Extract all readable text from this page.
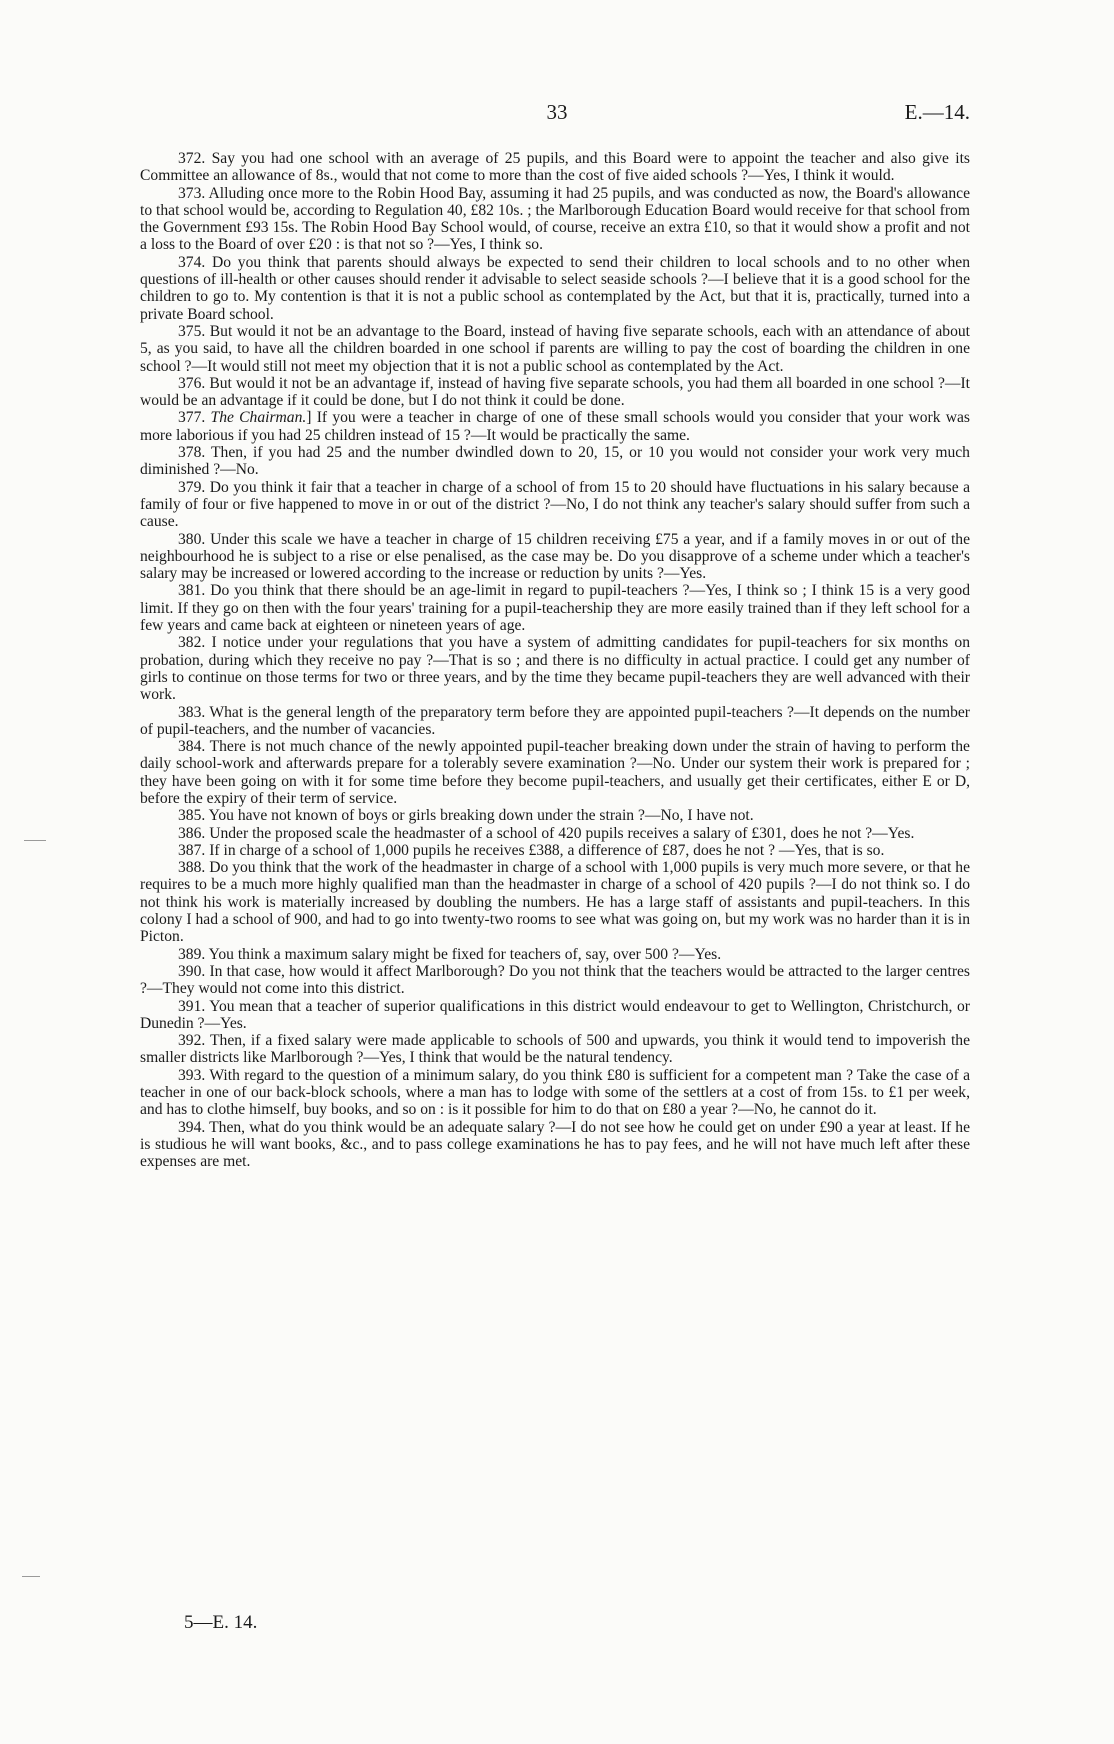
33	E.—14.

372. Say you had one school with an average of 25 pupils, and this Board were to appoint the teacher and also give its Committee an allowance of 8s., would that not come to more than the cost of five aided schools ?—Yes, I think it would.

373. Alluding once more to the Robin Hood Bay, assuming it had 25 pupils, and was conducted as now, the Board's allowance to that school would be, according to Regulation 40, £82 10s. ; the Marlborough Education Board would receive for that school from the Government £93 15s. The Robin Hood Bay School would, of course, receive an extra £10, so that it would show a profit and not a loss to the Board of over £20 : is that not so ?—Yes, I think so.

374. Do you think that parents should always be expected to send their children to local schools and to no other when questions of ill-health or other causes should render it advisable to select seaside schools ?—I believe that it is a good school for the children to go to. My contention is that it is not a public school as contemplated by the Act, but that it is, practically, turned into a private Board school.

375. But would it not be an advantage to the Board, instead of having five separate schools, each with an attendance of about 5, as you said, to have all the children boarded in one school if parents are willing to pay the cost of boarding the children in one school ?—It would still not meet my objection that it is not a public school as contemplated by the Act.

376. But would it not be an advantage if, instead of having five separate schools, you had them all boarded in one school ?—It would be an advantage if it could be done, but I do not think it could be done.

377. The Chairman.] If you were a teacher in charge of one of these small schools would you consider that your work was more laborious if you had 25 children instead of 15 ?—It would be practically the same.

378. Then, if you had 25 and the number dwindled down to 20, 15, or 10 you would not consider your work very much diminished ?—No.

379. Do you think it fair that a teacher in charge of a school of from 15 to 20 should have fluctuations in his salary because a family of four or five happened to move in or out of the district ?—No, I do not think any teacher's salary should suffer from such a cause.

380. Under this scale we have a teacher in charge of 15 children receiving £75 a year, and if a family moves in or out of the neighbourhood he is subject to a rise or else penalised, as the case may be. Do you disapprove of a scheme under which a teacher's salary may be increased or lowered according to the increase or reduction by units ?—Yes.

381. Do you think that there should be an age-limit in regard to pupil-teachers ?—Yes, I think so ; I think 15 is a very good limit. If they go on then with the four years' training for a pupil-teachership they are more easily trained than if they left school for a few years and came back at eighteen or nineteen years of age.

382. I notice under your regulations that you have a system of admitting candidates for pupil-teachers for six months on probation, during which they receive no pay ?—That is so ; and there is no difficulty in actual practice. I could get any number of girls to continue on those terms for two or three years, and by the time they became pupil-teachers they are well advanced with their work.

383. What is the general length of the preparatory term before they are appointed pupil-teachers ?—It depends on the number of pupil-teachers, and the number of vacancies.

384. There is not much chance of the newly appointed pupil-teacher breaking down under the strain of having to perform the daily school-work and afterwards prepare for a tolerably severe examination ?—No. Under our system their work is prepared for ; they have been going on with it for some time before they become pupil-teachers, and usually get their certificates, either E or D, before the expiry of their term of service.

385. You have not known of boys or girls breaking down under the strain ?—No, I have not.

386. Under the proposed scale the headmaster of a school of 420 pupils receives a salary of £301, does he not ?—Yes.

387. If in charge of a school of 1,000 pupils he receives £388, a difference of £87, does he not ? —Yes, that is so.

388. Do you think that the work of the headmaster in charge of a school with 1,000 pupils is very much more severe, or that he requires to be a much more highly qualified man than the headmaster in charge of a school of 420 pupils ?—I do not think so. I do not think his work is materially increased by doubling the numbers. He has a large staff of assistants and pupil-teachers. In this colony I had a school of 900, and had to go into twenty-two rooms to see what was going on, but my work was no harder than it is in Picton.

389. You think a maximum salary might be fixed for teachers of, say, over 500 ?—Yes.

390. In that case, how would it affect Marlborough? Do you not think that the teachers would be attracted to the larger centres ?—They would not come into this district.

391. You mean that a teacher of superior qualifications in this district would endeavour to get to Wellington, Christchurch, or Dunedin ?—Yes.

392. Then, if a fixed salary were made applicable to schools of 500 and upwards, you think it would tend to impoverish the smaller districts like Marlborough ?—Yes, I think that would be the natural tendency.

393. With regard to the question of a minimum salary, do you think £80 is sufficient for a competent man ? Take the case of a teacher in one of our back-block schools, where a man has to lodge with some of the settlers at a cost of from 15s. to £1 per week, and has to clothe himself, buy books, and so on : is it possible for him to do that on £80 a year ?—No, he cannot do it.

394. Then, what do you think would be an adequate salary ?—I do not see how he could get on under £90 a year at least. If he is studious he will want books, &c., and to pass college examinations he has to pay fees, and he will not have much left after these expenses are met.

5—E. 14.
